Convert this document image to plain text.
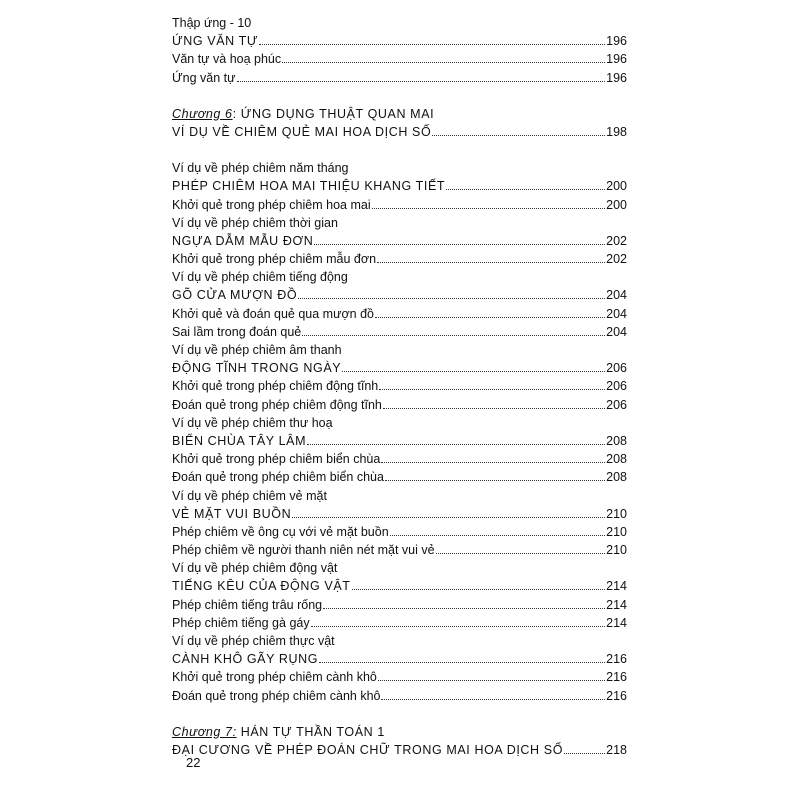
Thập ứng - 10
ỨNG VĂN TỰ	196
Văn tự và hoạ phúc	196
Ứng văn tự	196
Chương 6: ỨNG DỤNG THUẬT QUAN MAI
VÍ DỤ VỀ CHIÊM QUẺ MAI HOA DỊCH SỐ	198
Ví dụ về phép chiêm năm tháng
PHÉP CHIÊM HOA MAI THIỆU KHANG TIẾT	200
Khởi quẻ trong phép chiêm hoa mai	200
Ví dụ về phép chiêm thời gian
NGỰA DẪM MẪU ĐƠN	202
Khởi quẻ trong phép chiêm mẫu đơn	202
Ví dụ về phép chiêm tiếng động
GÕ CỬA MƯỢN ĐỒ	204
Khởi quẻ và đoán quẻ qua mượn đồ	204
Sai lầm trong đoán quẻ	204
Ví dụ về phép chiêm âm thanh
ĐỘNG TĨNH TRONG NGÀY	206
Khởi quẻ trong phép chiêm động tĩnh	206
Đoán quẻ trong phép chiêm động tĩnh	206
Ví dụ về phép chiêm thư hoạ
BIỂN CHÙA TÂY LÂM	208
Khởi quẻ trong phép chiêm biển chùa	208
Đoán quẻ trong phép chiêm biển chùa	208
Ví dụ về phép chiêm vẻ mặt
VẺ MẶT VUI BUỒN	210
Phép chiêm về ông cụ với vẻ mặt buồn	210
Phép chiêm về người thanh niên nét mặt vui vẻ	210
Ví dụ về phép chiêm động vật
TIẾNG KÊU CỦA ĐỘNG VẬT	214
Phép chiêm tiếng trâu rống	214
Phép chiêm tiếng gà gáy	214
Ví dụ về phép chiêm thực vật
CÀNH KHÔ GÃY RỤNG	216
Khởi quẻ trong phép chiêm cành khô	216
Đoán quẻ trong phép chiêm cành khô	216
Chương 7: HÁN TỰ THẦN TOÁN 1
ĐẠI CƯƠNG VỀ PHÉP ĐOÁN CHỮ TRONG MAI HOA DỊCH SỐ	218
22
